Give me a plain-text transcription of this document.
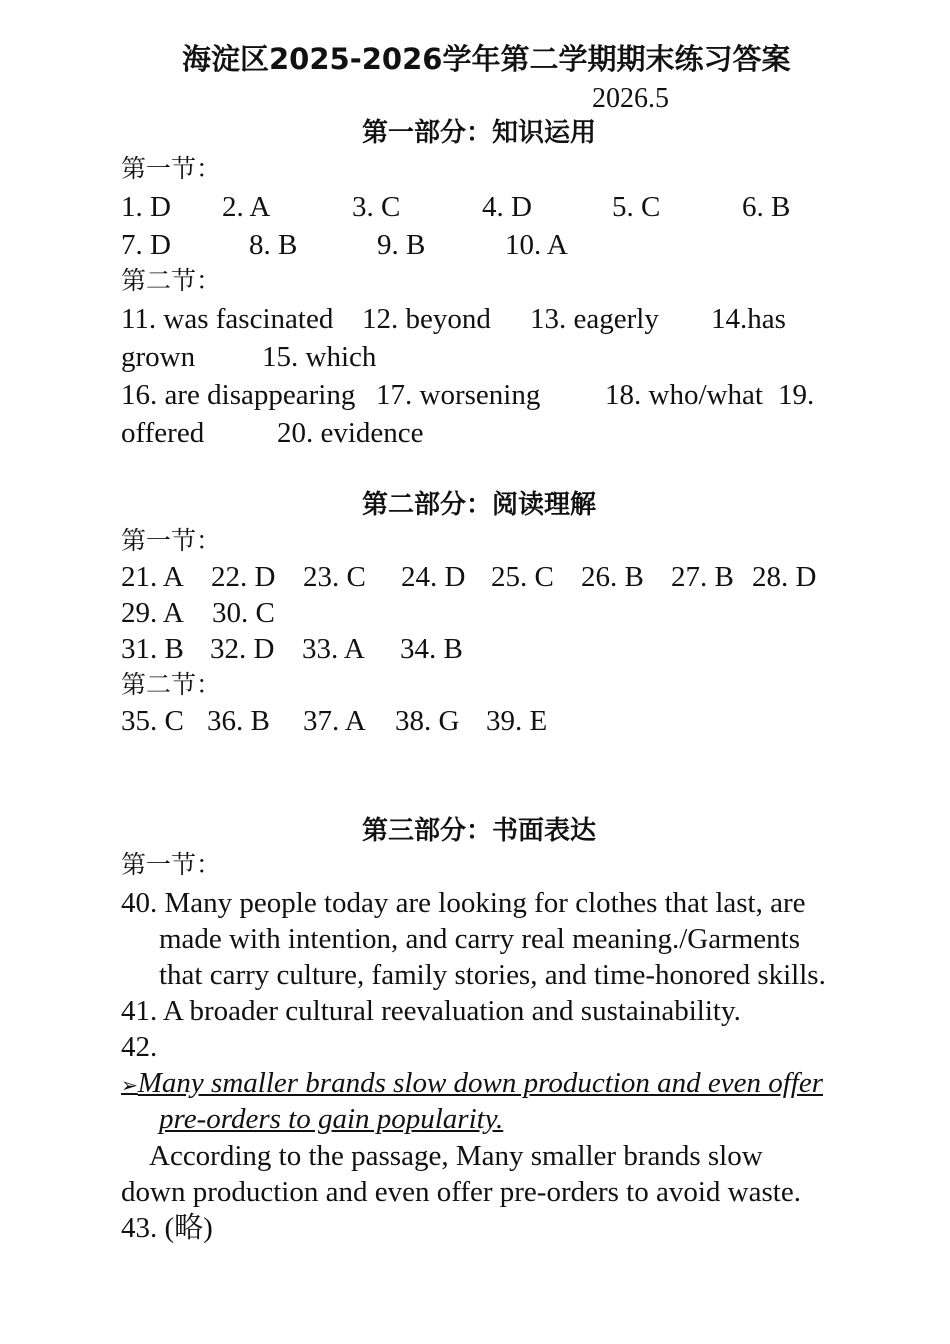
海淀区2025-2026学年第二学期期末练习答案
2026.5
第一部分：知识运用
第一节：
1. D 2. A	3. C	4. D	5. C	6. B
7. D	8. B	9. B	10. A
第二节：
11. was fascinated 12. beyond 13. eagerly 14.has
grown 15. which
16. are disappearing 17. worsening 18. who/what 19.
offered	20. evidence
第二部分：阅读理解
第一节：
21. A 22. D 23. C 24. D 25. C 26. B 27. B 28. D
29. A 30. C
31. B 32. D 33. A 34. B
第二节：
35. C 36. B 37. A 38. G 39. E
第三部分：书面表达
第一节：
40. Many people today are looking for clothes that last, are
made with intention, and carry real meaning./Garments
that carry culture, family stories, and time-honored skills.
41. A broader cultural reevaluation and sustainability.
42.
➢Many smaller brands slow down production and even offer
pre-orders to gain popularity.
According to the passage, Many smaller brands slow
down production and even offer pre-orders to avoid waste.
43. (略)
